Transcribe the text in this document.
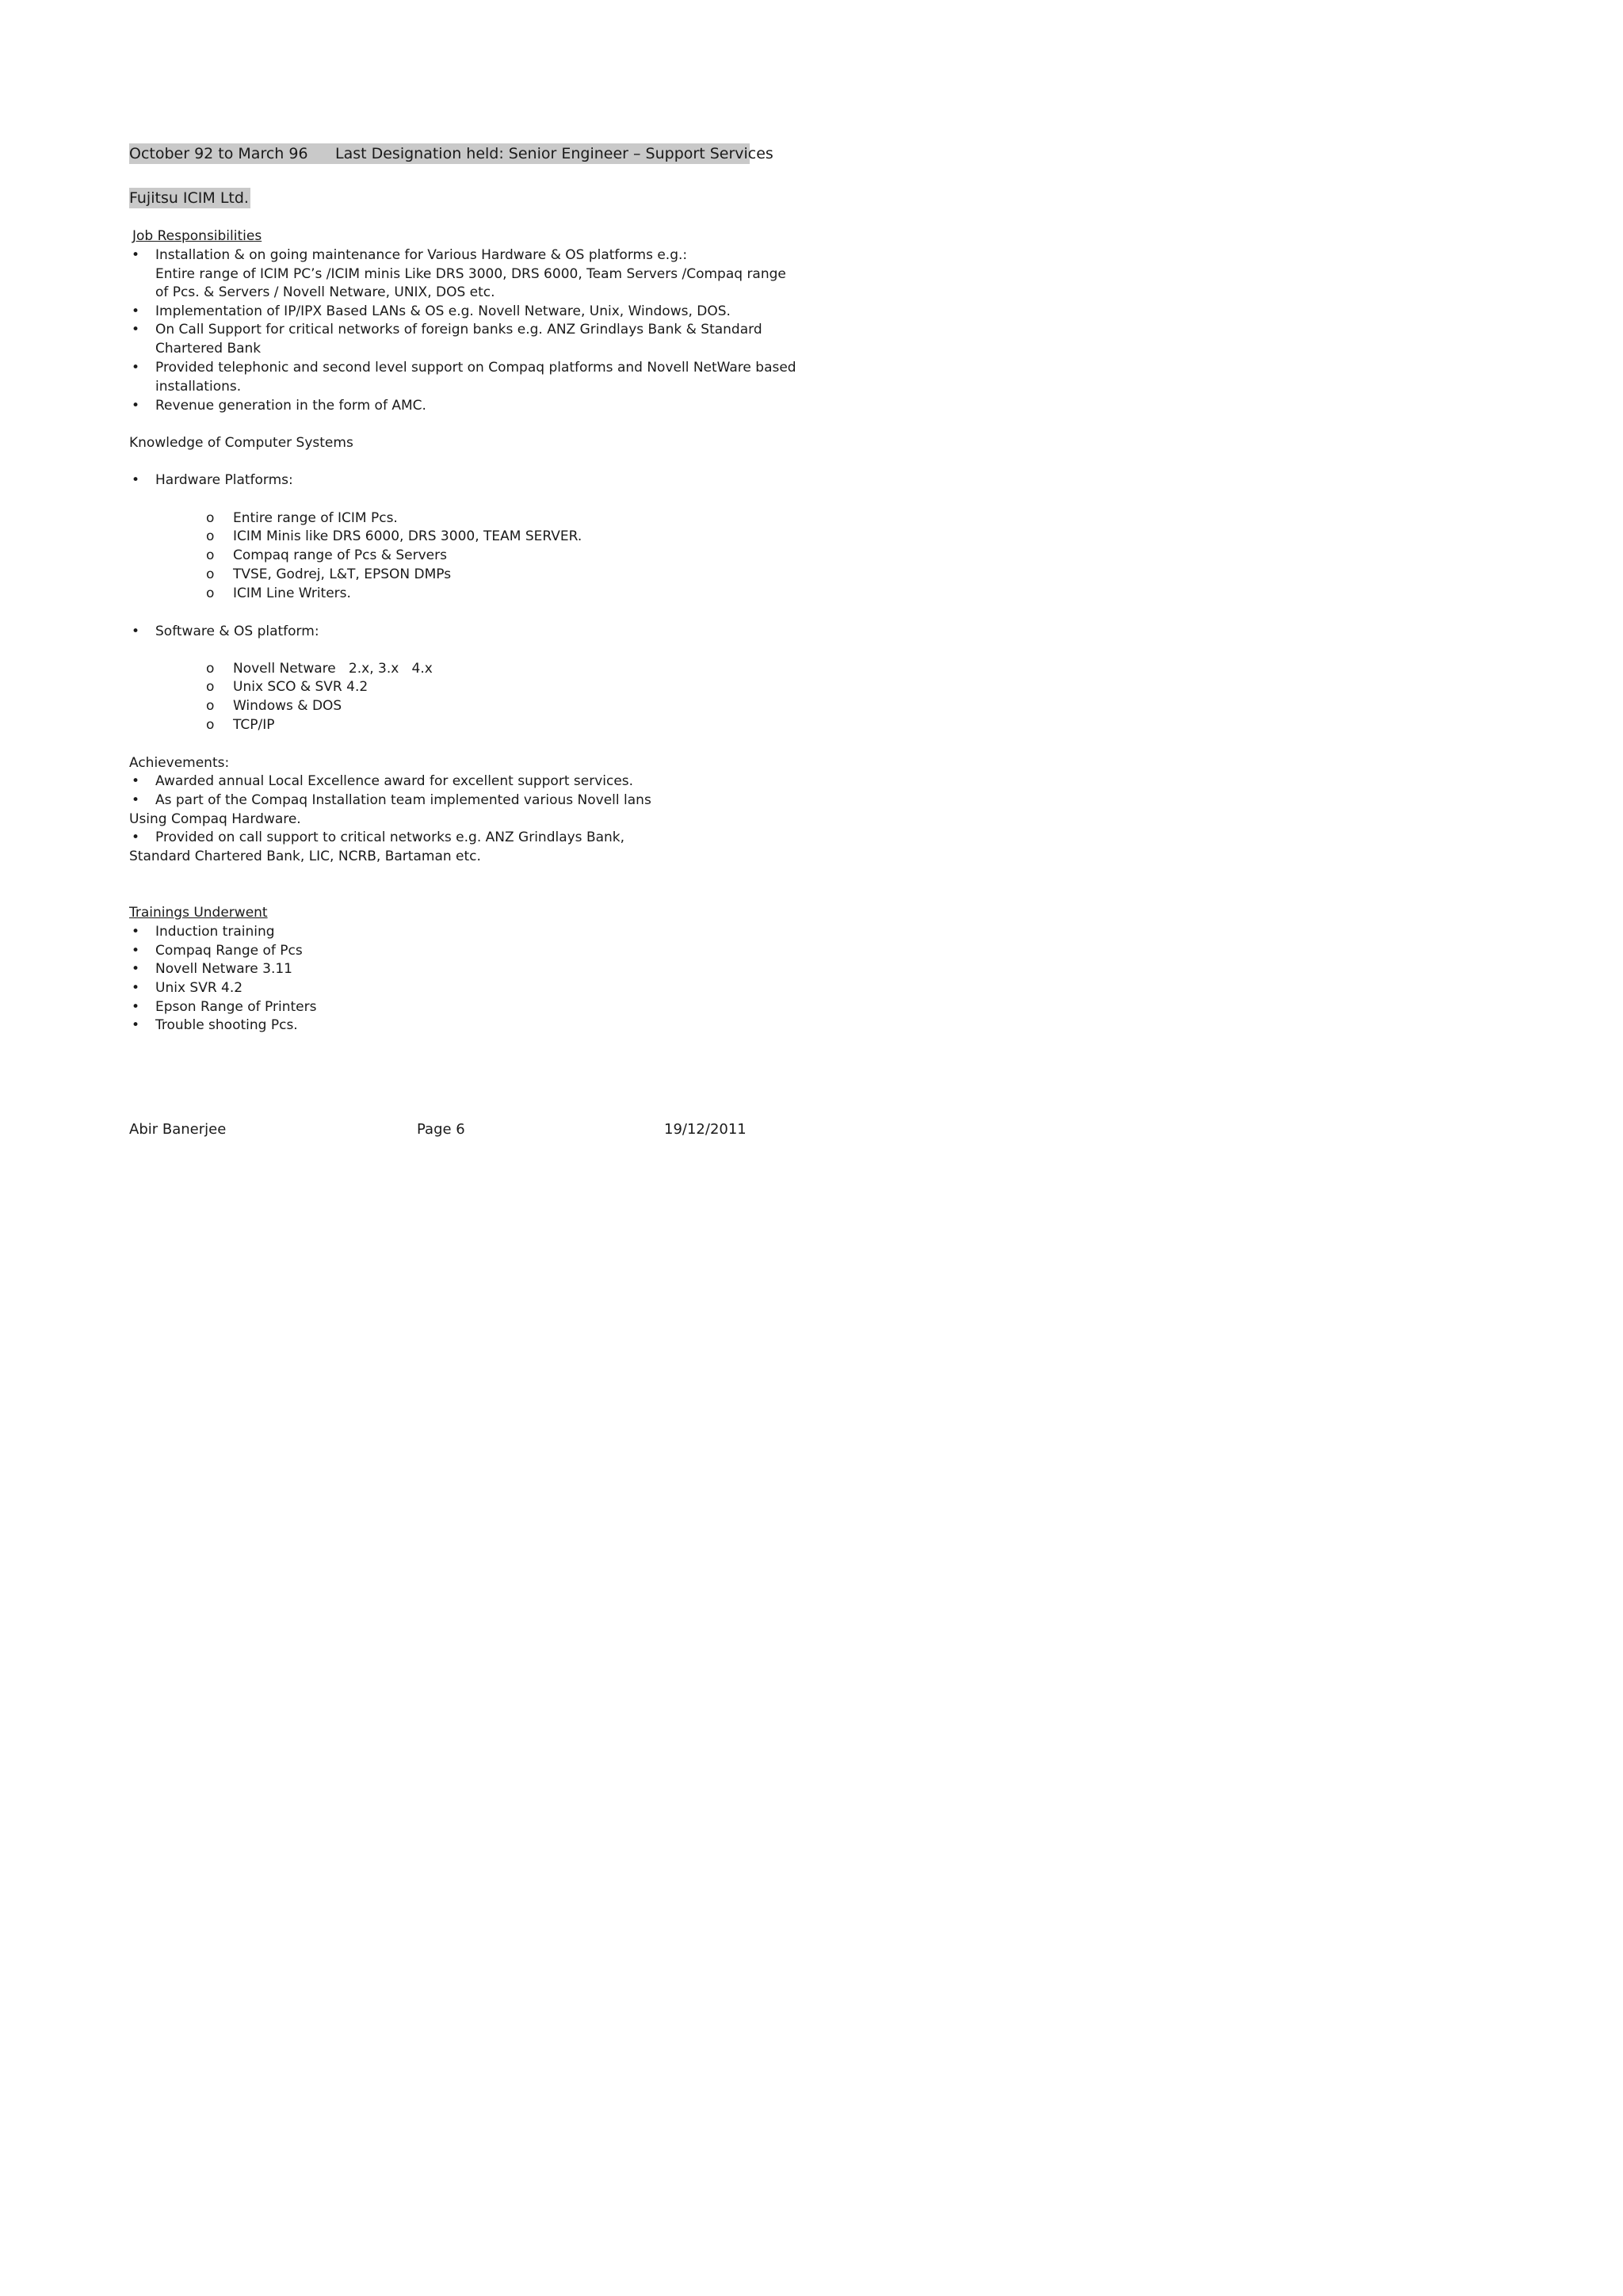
October 92 to March 96 Last Designation held: Senior Engineer – Support Services
Fujitsu ICIM Ltd.
Job Responsibilities
• Installation & on going maintenance for Various Hardware & OS platforms e.g.:
Entire range of ICIM PC’s /ICIM minis Like DRS 3000, DRS 6000, Team Servers /Compaq range
of Pcs. & Servers / Novell Netware, UNIX, DOS etc.
• Implementation of IP/IPX Based LANs & OS e.g. Novell Netware, Unix, Windows, DOS.
• On Call Support for critical networks of foreign banks e.g. ANZ Grindlays Bank & Standard
Chartered Bank
• Provided telephonic and second level support on Compaq platforms and Novell NetWare based
installations.
• Revenue generation in the form of AMC.
Knowledge of Computer Systems
• Hardware Platforms:
o Entire range of ICIM Pcs.
o ICIM Minis like DRS 6000, DRS 3000, TEAM SERVER.
o Compaq range of Pcs & Servers
o TVSE, Godrej, L&T, EPSON DMPs
o ICIM Line Writers.
• Software & OS platform:
o Novell Netware   2.x, 3.x   4.x
o Unix SCO & SVR 4.2
o Windows & DOS
o TCP/IP
Achievements:
• Awarded annual Local Excellence award for excellent support services.
• As part of the Compaq Installation team implemented various Novell lans
Using Compaq Hardware.
• Provided on call support to critical networks e.g. ANZ Grindlays Bank,
Standard Chartered Bank, LIC, NCRB, Bartaman etc.
Trainings Underwent
• Induction training
• Compaq Range of Pcs
• Novell Netware 3.11
• Unix SVR 4.2
• Epson Range of Printers
• Trouble shooting Pcs.
Abir Banerjee	Page 6	19/12/2011
